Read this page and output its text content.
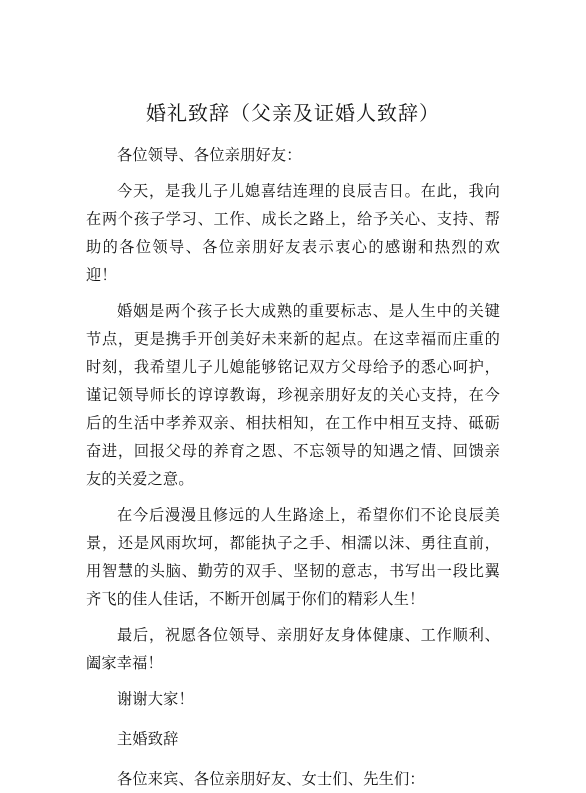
婚礼致辞（父亲及证婚人致辞）

各位领导、各位亲朋好友：

今天，是我儿子儿媳喜结连理的良辰吉日。在此，我向在两个孩子学习、工作、成长之路上，给予关心、支持、帮助的各位领导、各位亲朋好友表示衷心的感谢和热烈的欢迎！

婚姻是两个孩子长大成熟的重要标志、是人生中的关键节点，更是携手开创美好未来新的起点。在这幸福而庄重的时刻，我希望儿子儿媳能够铭记双方父母给予的悉心呵护，谨记领导师长的谆谆教诲，珍视亲朋好友的关心支持，在今后的生活中孝养双亲、相扶相知，在工作中相互支持、砥砺奋进，回报父母的养育之恩、不忘领导的知遇之情、回馈亲友的关爱之意。

在今后漫漫且修远的人生路途上，希望你们不论良辰美景，还是风雨坎坷，都能执子之手、相濡以沫、勇往直前，用智慧的头脑、勤劳的双手、坚韧的意志，书写出一段比翼齐飞的佳人佳话，不断开创属于你们的精彩人生！

最后，祝愿各位领导、亲朋好友身体健康、工作顺利、阖家幸福！

谢谢大家！

主婚致辞

各位来宾、各位亲朋好友、女士们、先生们：
